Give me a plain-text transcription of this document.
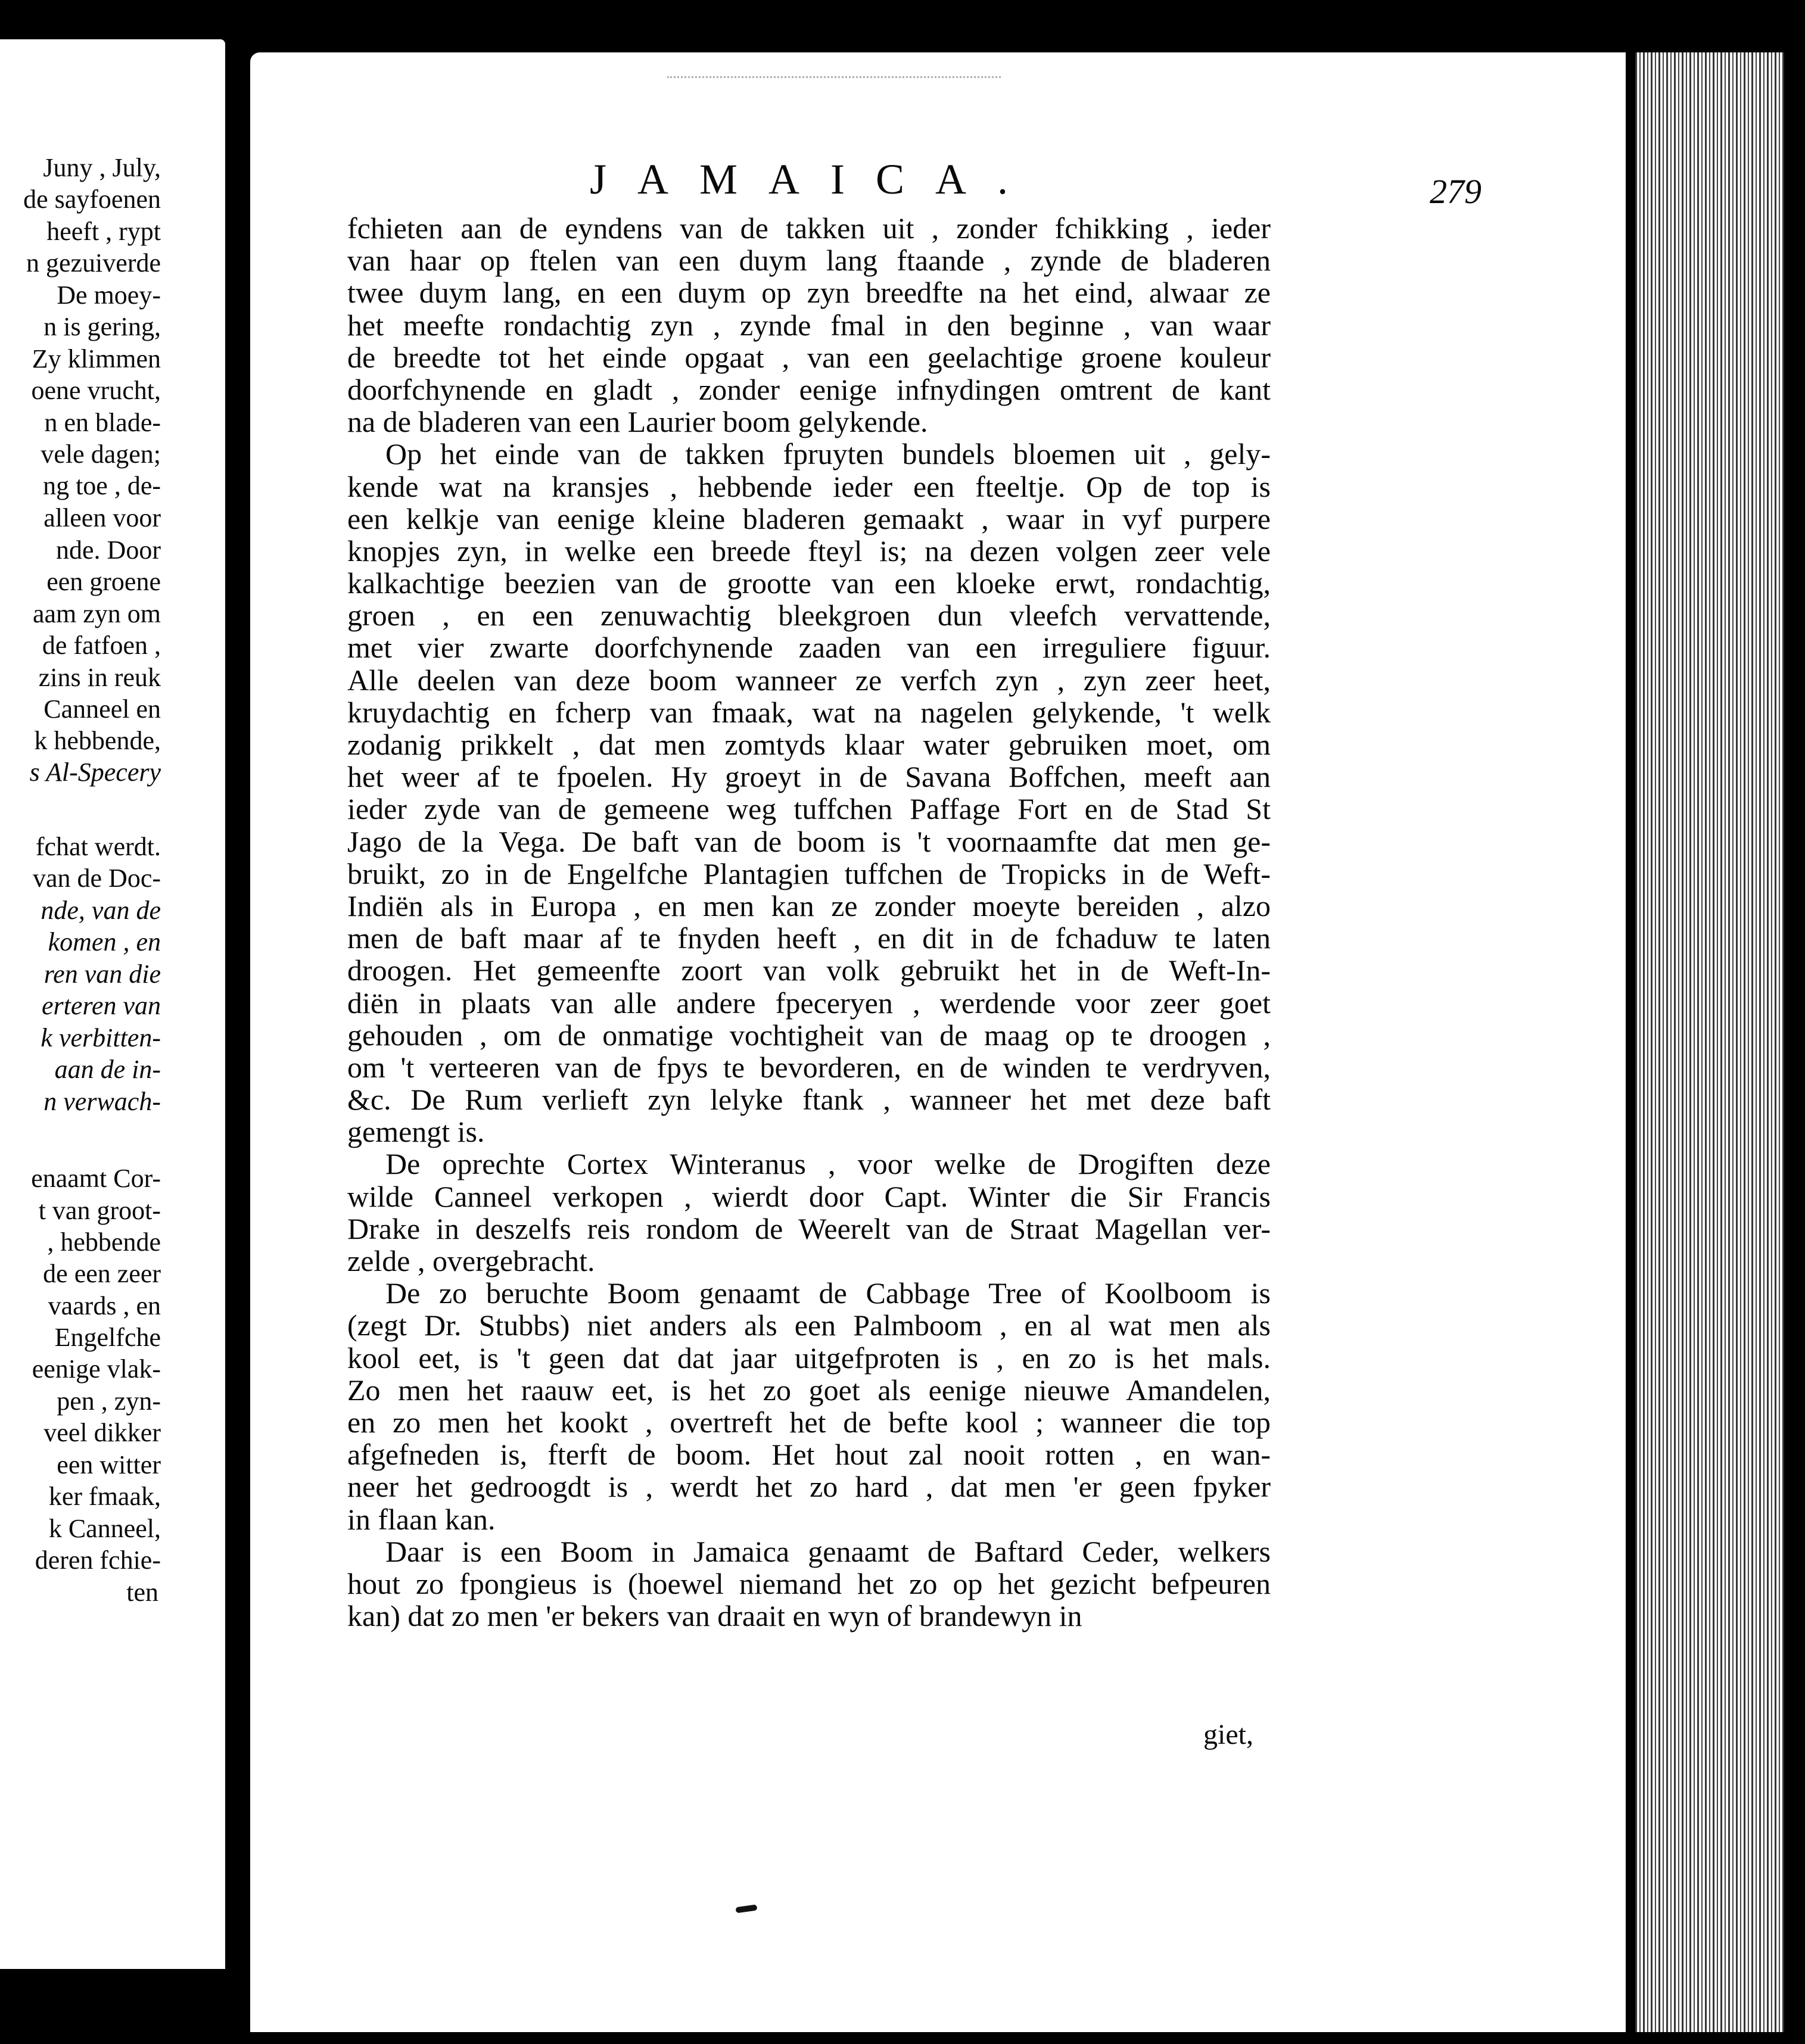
Juny , July,
de sayfoenen
heeft , rypt
n gezuiverde
De moey-
n is gering,
Zy klimmen
oene vrucht,
n en blade-
vele dagen;
ng toe , de-
alleen voor
nde. Door
een groene
aam zyn om
de fatfoen ,
zins in reuk
Canneel en
k hebbende,
s Al-Specery
fchat werdt.
van de Doc-
nde, van de
komen , en
ren van die
erteren van
k verbitten-
aan de in-
n verwach-
enaamt Cor-
t van groot-
, hebbende
de een zeer
vaards , en
Engelfche
eenige vlak-
pen , zyn-
veel dikker
een witter
ker fmaak,
k Canneel,
deren fchie-
ten
JAMAICA.	279
fchieten aan de eyndens van de takken uit , zonder fchikking , ieder
van haar op ftelen van een duym lang ftaande , zynde de bladeren
twee duym lang, en een duym op zyn breedfte na het eind, alwaar ze
het meefte rondachtig zyn , zynde fmal in den beginne , van waar
de breedte tot het einde opgaat , van een geelachtige groene kouleur
doorfchynende en gladt , zonder eenige infnydingen omtrent de kant
na de bladeren van een Laurier boom gelykende.
Op het einde van de takken fpruyten bundels bloemen uit , gely-
kende wat na kransjes , hebbende ieder een fteeltje. Op de top is
een kelkje van eenige kleine bladeren gemaakt , waar in vyf purpere
knopjes zyn, in welke een breede fteyl is; na dezen volgen zeer vele
kalkachtige beezien van de grootte van een kloeke erwt, rondachtig,
groen , en een zenuwachtig bleekgroen dun vleefch vervattende,
met vier zwarte doorfchynende zaaden van een irreguliere figuur.
Alle deelen van deze boom wanneer ze verfch zyn , zyn zeer heet,
kruydachtig en fcherp van fmaak, wat na nagelen gelykende, 't welk
zodanig prikkelt , dat men zomtyds klaar water gebruiken moet, om
het weer af te fpoelen. Hy groeyt in de Savana Boffchen, meeft aan
ieder zyde van de gemeene weg tuffchen Paffage Fort en de Stad St
Jago de la Vega. De baft van de boom is 't voornaamfte dat men ge-
bruikt, zo in de Engelfche Plantagien tuffchen de Tropicks in de Weft-
Indiën als in Europa , en men kan ze zonder moeyte bereiden , alzo
men de baft maar af te fnyden heeft , en dit in de fchaduw te laten
droogen. Het gemeenfte zoort van volk gebruikt het in de Weft-In-
diën in plaats van alle andere fpeceryen , werdende voor zeer goet
gehouden , om de onmatige vochtigheit van de maag op te droogen ,
om 't verteeren van de fpys te bevorderen, en de winden te verdryven,
&c. De Rum verlieft zyn lelyke ftank , wanneer het met deze baft
gemengt is.
De oprechte Cortex Winteranus , voor welke de Drogiften deze
wilde Canneel verkopen , wierdt door Capt. Winter die Sir Francis
Drake in deszelfs reis rondom de Weerelt van de Straat Magellan ver-
zelde , overgebracht.
De zo beruchte Boom genaamt de Cabbage Tree of Koolboom is
(zegt Dr. Stubbs) niet anders als een Palmboom , en al wat men als
kool eet, is 't geen dat dat jaar uitgefproten is , en zo is het mals.
Zo men het raauw eet, is het zo goet als eenige nieuwe Amandelen,
en zo men het kookt , overtreft het de befte kool ; wanneer die top
afgefneden is, fterft de boom. Het hout zal nooit rotten , en wan-
neer het gedroogdt is , werdt het zo hard , dat men 'er geen fpyker
in flaan kan.
Daar is een Boom in Jamaica genaamt de Baftard Ceder, welkers
hout zo fpongieus is (hoewel niemand het zo op het gezicht befpeuren
kan) dat zo men 'er bekers van draait en wyn of brandewyn in
giet,
